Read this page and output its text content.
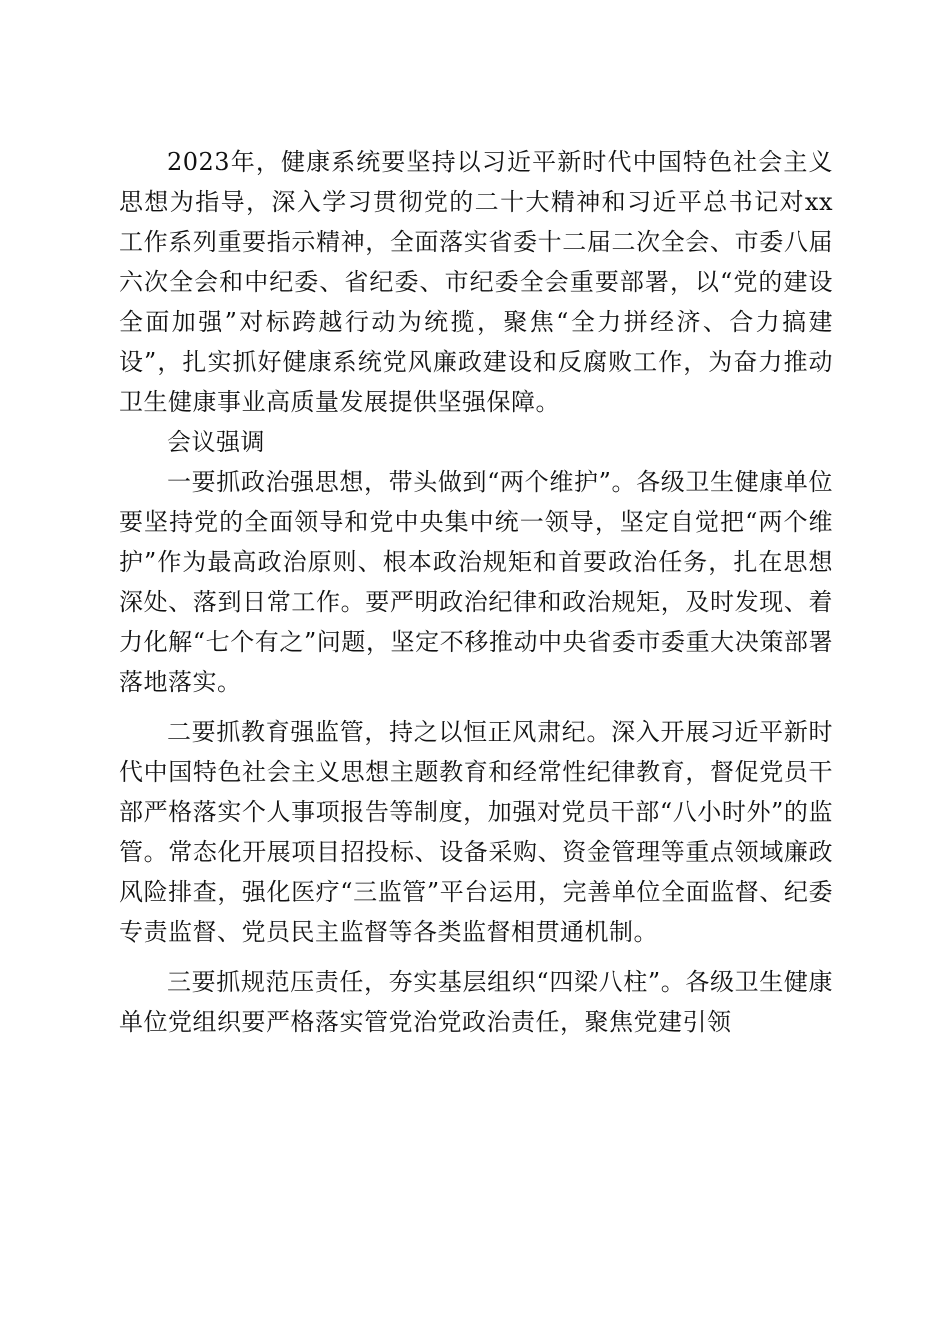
2023年，健康系统要坚持以习近平新时代中国特色社会主义思想为指导，深入学习贯彻党的二十大精神和习近平总书记对xx工作系列重要指示精神，全面落实省委十二届二次全会、市委八届六次全会和中纪委、省纪委、市纪委全会重要部署，以“党的建设全面加强”对标跨越行动为统揽，聚焦“全力拼经济、合力搞建设”，扎实抓好健康系统党风廉政建设和反腐败工作，为奋力推动卫生健康事业高质量发展提供坚强保障。

会议强调

一要抓政治强思想，带头做到“两个维护”。各级卫生健康单位要坚持党的全面领导和党中央集中统一领导，坚定自觉把“两个维护”作为最高政治原则、根本政治规矩和首要政治任务，扎在思想深处、落到日常工作。要严明政治纪律和政治规矩，及时发现、着力化解“七个有之”问题，坚定不移推动中央省委市委重大决策部署落地落实。

二要抓教育强监管，持之以恒正风肃纪。深入开展习近平新时代中国特色社会主义思想主题教育和经常性纪律教育，督促党员干部严格落实个人事项报告等制度，加强对党员干部“八小时外”的监管。常态化开展项目招投标、设备采购、资金管理等重点领域廉政风险排查，强化医疗“三监管”平台运用，完善单位全面监督、纪委专责监督、党员民主监督等各类监督相贯通机制。

三要抓规范压责任，夯实基层组织“四梁八柱”。各级卫生健康单位党组织要严格落实管党治党政治责任，聚焦党建引领
